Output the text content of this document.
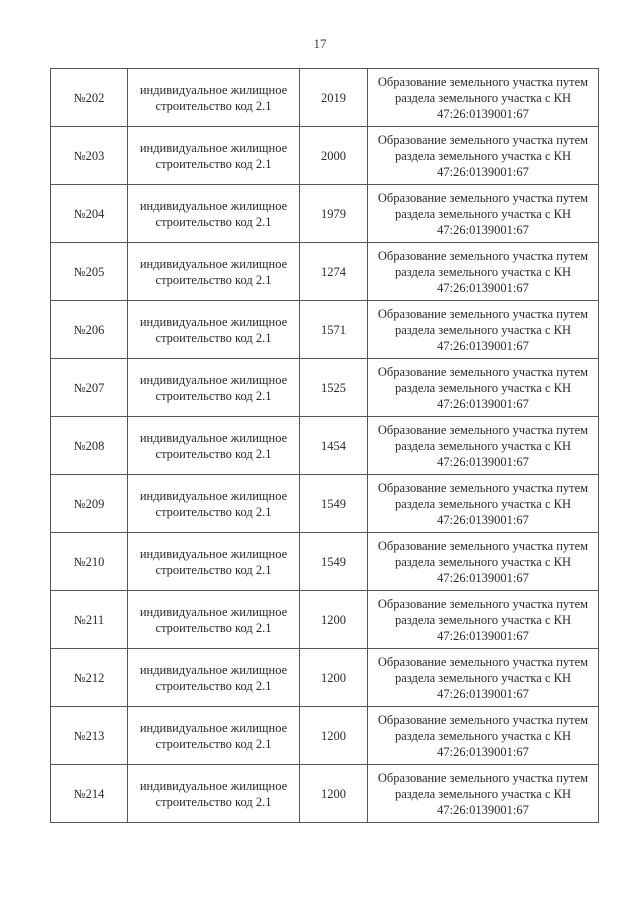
17
№202	индивидуальное жилищное
строительство код 2.1	2019	Образование земельного участка путем
раздела земельного участка с КН
47:26:0139001:67

№203	индивидуальное жилищное
строительство код 2.1	2000	Образование земельного участка путем
раздела земельного участка с КН
47:26:0139001:67

№204	индивидуальное жилищное
строительство код 2.1	1979	Образование земельного участка путем
раздела земельного участка с КН
47:26:0139001:67

№205	индивидуальное жилищное
строительство код 2.1	1274	Образование земельного участка путем
раздела земельного участка с КН
47:26:0139001:67

№206	индивидуальное жилищное
строительство код 2.1	1571	Образование земельного участка путем
раздела земельного участка с КН
47:26:0139001:67

№207	индивидуальное жилищное
строительство код 2.1	1525	Образование земельного участка путем
раздела земельного участка с КН
47:26:0139001:67

№208	индивидуальное жилищное
строительство код 2.1	1454	Образование земельного участка путем
раздела земельного участка с КН
47:26:0139001:67

№209	индивидуальное жилищное
строительство код 2.1	1549	Образование земельного участка путем
раздела земельного участка с КН
47:26:0139001:67

№210	индивидуальное жилищное
строительство код 2.1	1549	Образование земельного участка путем
раздела земельного участка с КН
47:26:0139001:67

№211	индивидуальное жилищное
строительство код 2.1	1200	Образование земельного участка путем
раздела земельного участка с КН
47:26:0139001:67

№212	индивидуальное жилищное
строительство код 2.1	1200	Образование земельного участка путем
раздела земельного участка с КН
47:26:0139001:67

№213	индивидуальное жилищное
строительство код 2.1	1200	Образование земельного участка путем
раздела земельного участка с КН
47:26:0139001:67

№214	индивидуальное жилищное
строительство код 2.1	1200	Образование земельного участка путем
раздела земельного участка с КН
47:26:0139001:67
